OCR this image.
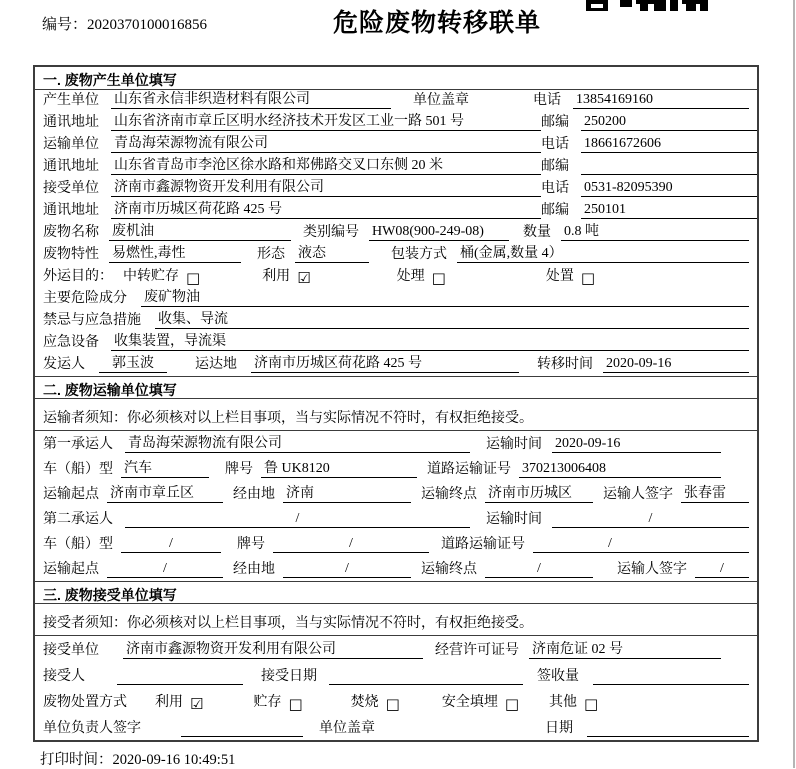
编号：2020370100016856	危险废物转移联单
一. 废物产生单位填写
产生单位 山东省永信非织造材料有限公司	单位盖章	电话 13854169160
通讯地址 山东省济南市章丘区明水经济技术开发区工业一路 501 号	邮编 250200
运输单位 青岛海荣源物流有限公司	电话 18661672606
通讯地址 山东省青岛市李沧区徐水路和郑佛路交叉口东侧 20 米	邮编
接受单位 济南市鑫源物资开发利用有限公司	电话 0531-82095390
通讯地址 济南市历城区荷花路 425 号	邮编 250101
废物名称 废机油	类别编号 HW08(900-249-08)	数量 0.8 吨
废物特性 易燃性,毒性	形态 液态	包装方式 桶(金属,数量 4）
外运目的： 中转贮存 □	利用 ☑	处理 □	处置 □
主要危险成分 废矿物油
禁忌与应急措施 收集、导流
应急设备 收集装置，导流渠
发运人	郭玉波	运达地 济南市历城区荷花路 425 号	转移时间 2020-09-16
二. 废物运输单位填写
运输者须知：你必须核对以上栏目事项，当与实际情况不符时，有权拒绝接受。
第一承运人 青岛海荣源物流有限公司	运输时间 2020-09-16
车（船）型 汽车	牌号 鲁 UK8120	道路运输证号 370213006408
运输起点 济南市章丘区	经由地 济南	运输终点 济南市历城区	运输人签字 张春雷
第二承运人	/	运输时间	/
车（船）型	/	牌号	/	道路运输证号	/
运输起点	/	经由地	/	运输终点	/	运输人签字	/
三. 废物接受单位填写
接受者须知：你必须核对以上栏目事项，当与实际情况不符时，有权拒绝接受。
接受单位 济南市鑫源物资开发利用有限公司	经营许可证号 济南危证 02 号
接受人	接受日期	签收量
废物处置方式 利用 ☑	贮存 □	焚烧 □	安全填埋 □ 其他 □
单位负责人签字	单位盖章	日期
打印时间：2020-09-16 10:49:51
